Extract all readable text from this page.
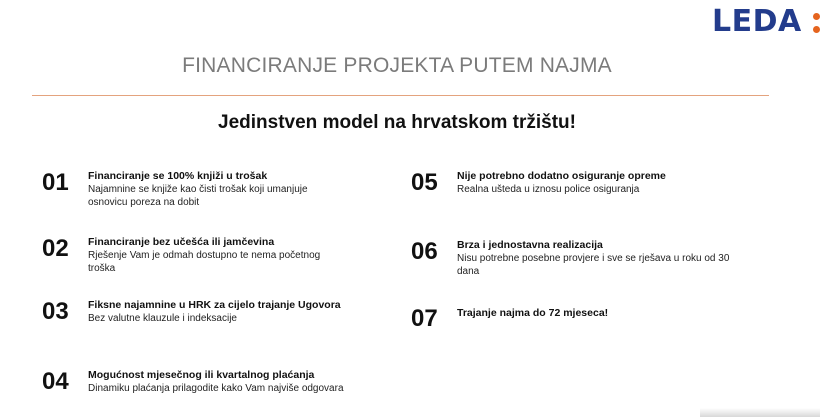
LEDA
FINANCIRANJE PROJEKTA PUTEM NAJMA
Jedinstven model na hrvatskom tržištu!
01 Financiranje se 100% knjiži u trošak
Najamnine se knjiže kao čisti trošak koji umanjuje osnovicu poreza na dobit
02 Financiranje bez učešća ili jamčevina
Rješenje Vam je odmah dostupno te nema početnog troška
03 Fiksne najamnine u HRK za cijelo trajanje Ugovora
Bez valutne klauzule i indeksacije
04 Mogućnost mjesečnog ili kvartalnog plaćanja
Dinamiku plaćanja prilagodite kako Vam najviše odgovara
05 Nije potrebno dodatno osiguranje opreme
Realna ušteda u iznosu police osiguranja
06 Brza i jednostavna realizacija
Nisu potrebne posebne provjere i sve se rješava u roku od 30 dana
07 Trajanje najma do 72 mjeseca!
